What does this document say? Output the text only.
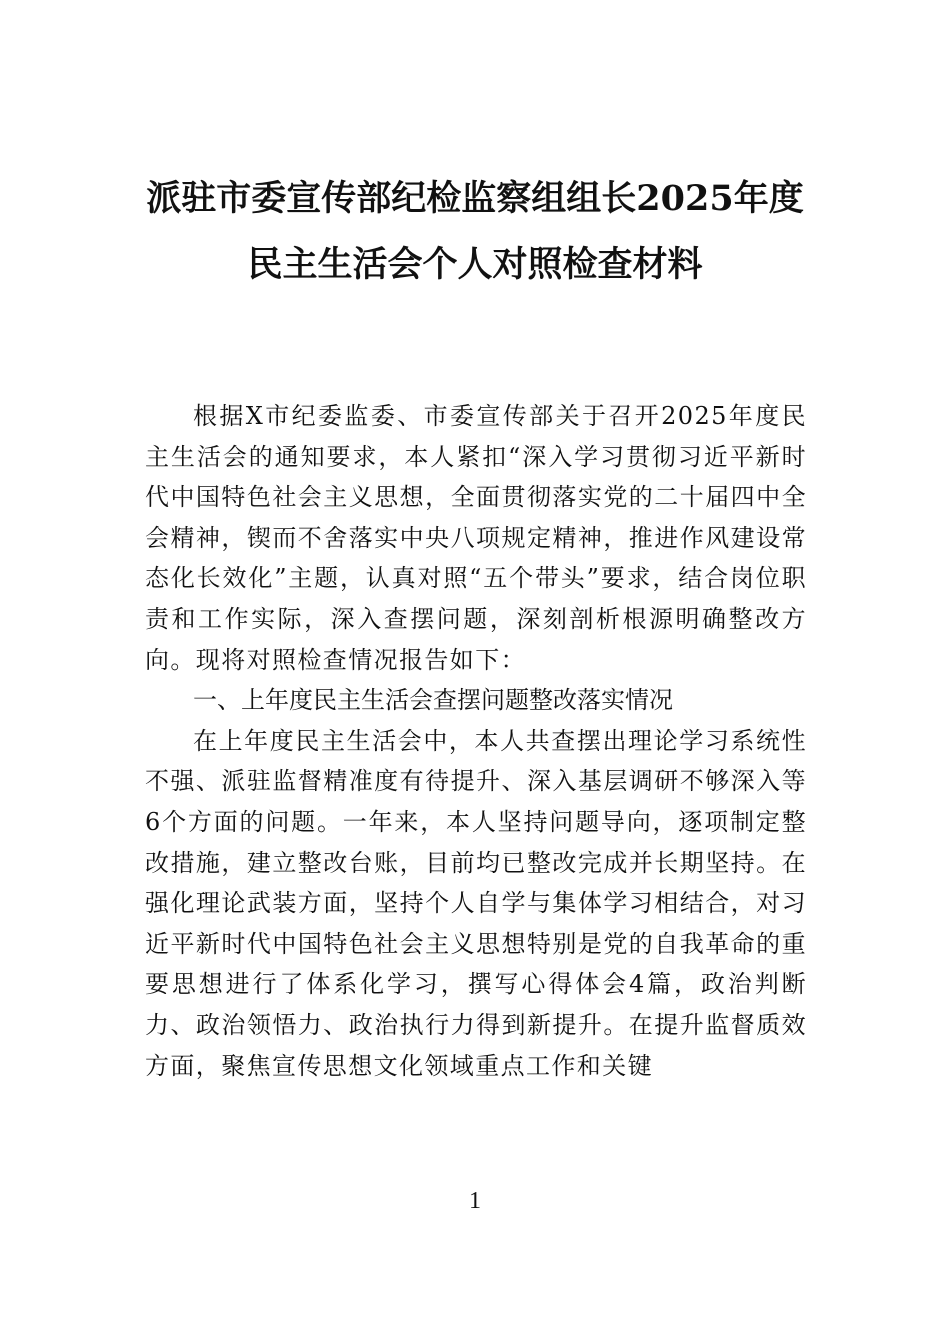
派驻市委宣传部纪检监察组组长2025年度
民主生活会个人对照检查材料

根据X市纪委监委、市委宣传部关于召开2025年度民主生活会的通知要求，本人紧扣“深入学习贯彻习近平新时代中国特色社会主义思想，全面贯彻落实党的二十届四中全会精神，锲而不舍落实中央八项规定精神，推进作风建设常态化长效化”主题，认真对照“五个带头”要求，结合岗位职责和工作实际，深入查摆问题，深刻剖析根源明确整改方向。现将对照检查情况报告如下：

一、上年度民主生活会查摆问题整改落实情况

在上年度民主生活会中，本人共查摆出理论学习系统性不强、派驻监督精准度有待提升、深入基层调研不够深入等6个方面的问题。一年来，本人坚持问题导向，逐项制定整改措施，建立整改台账，目前均已整改完成并长期坚持。在强化理论武装方面，坚持个人自学与集体学习相结合，对习近平新时代中国特色社会主义思想特别是党的自我革命的重要思想进行了体系化学习，撰写心得体会4篇，政治判断力、政治领悟力、政治执行力得到新提升。在提升监督质效方面，聚焦宣传思想文化领域重点工作和关键

1
